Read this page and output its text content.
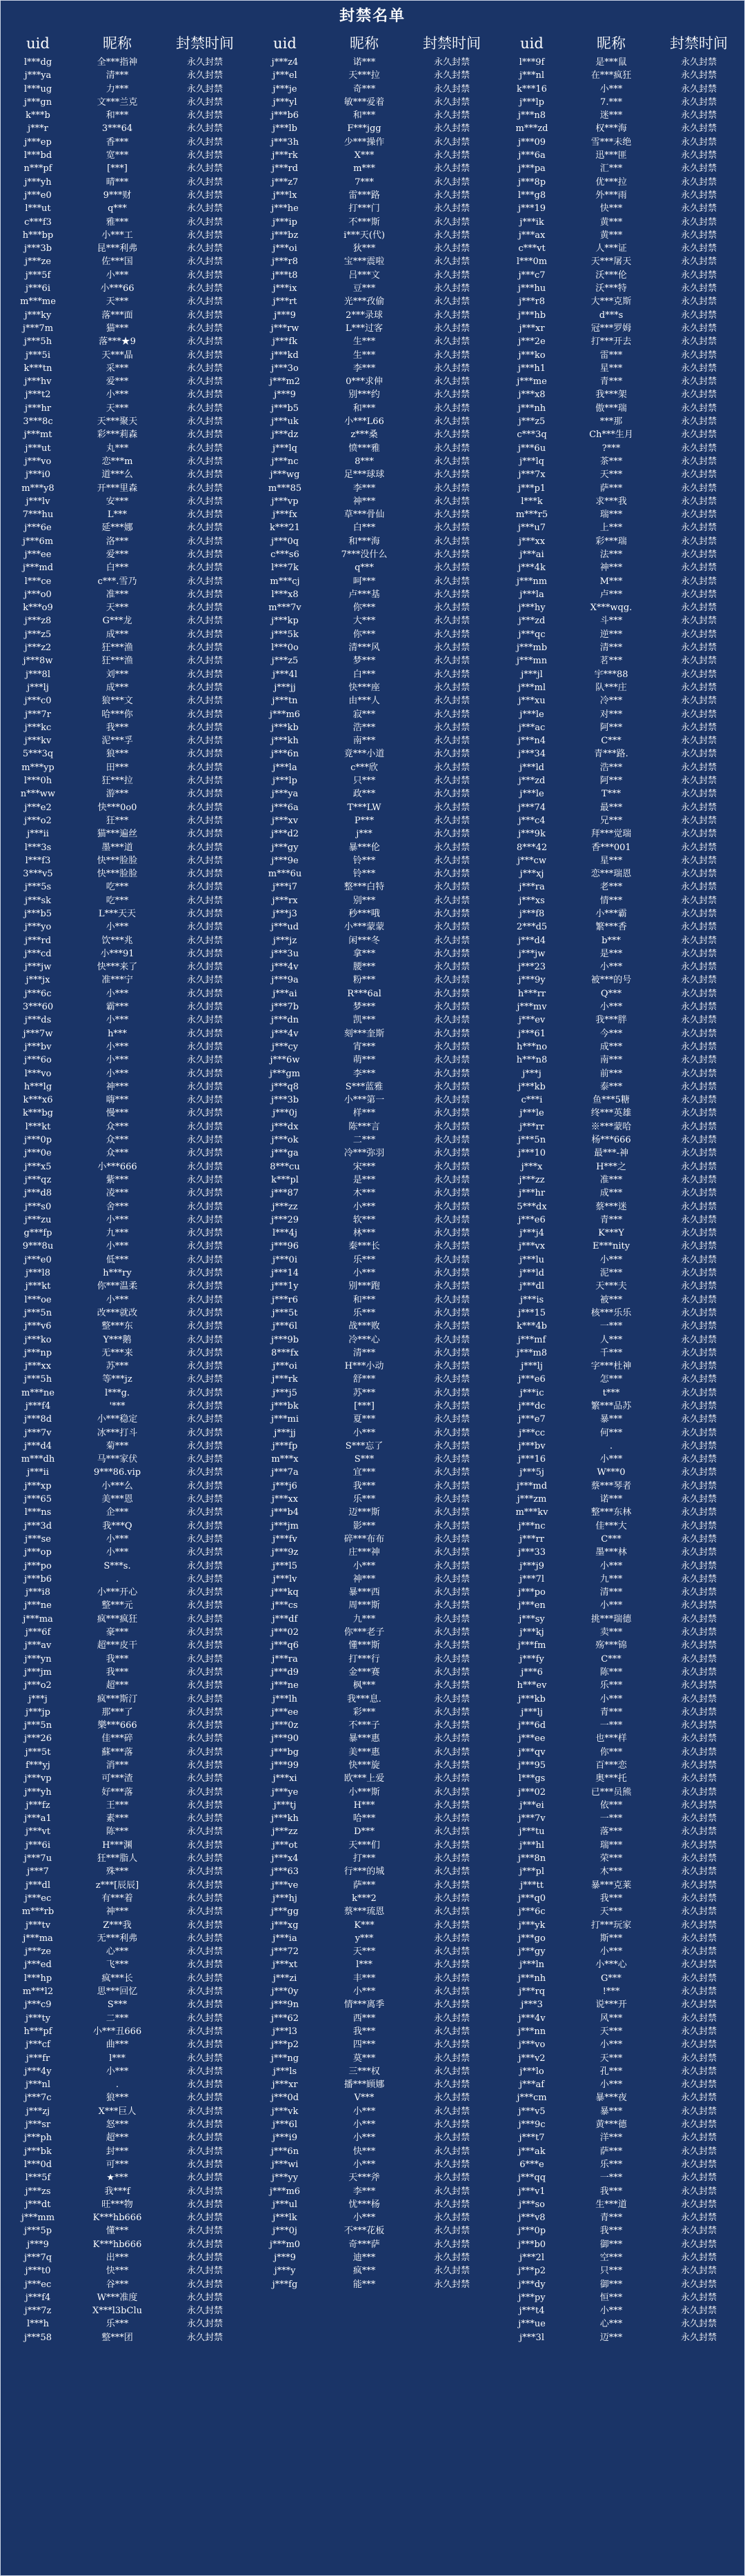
封禁名单
uid	昵称	封禁时间
l***dg	全***指神	永久封禁
j***ya	清***	永久封禁
l***ug	力***	永久封禁
j***gn	文***兰克	永久封禁
k***b	和***	永久封禁
j***r	3***64	永久封禁
j***ep	香***	永久封禁
l***bd	宽***	永久封禁
n***pf	[***]	永久封禁
j***yh	晴***	永久封禁
j***e0	9***财	永久封禁
l***ut	q***	永久封禁
c***f3	雅***	永久封禁
h***bp	小***工	永久封禁
j***3b	昆***利弗	永久封禁
j***ze	佐***国	永久封禁
j***5f	小***	永久封禁
j***6i	小***66	永久封禁
m***me	天***	永久封禁
j***ky	落***面	永久封禁
j***7m	猫***	永久封禁
j***5h	落***★9	永久封禁
j***5i	天***晶	永久封禁
k***tn	采***	永久封禁
j***hv	爱***	永久封禁
j***t2	小***	永久封禁
j***hr	天***	永久封禁
3***8c	天***聚天	永久封禁
j***mt	彩***莉森	永久封禁
j***ut	丸***	永久封禁
j***vo	恋***m	永久封禁
j***i0	道***么	永久封禁
m***y8	开***里森	永久封禁
j***lv	安***	永久封禁
7***hu	L***	永久封禁
j***6e	延***娜	永久封禁
j***6m	洛***	永久封禁
j***ee	爱***	永久封禁
j***md	白***	永久封禁
l***ce	c***.雪乃	永久封禁
j***o0	准***	永久封禁
k***o9	天***	永久封禁
j***z8	G***龙	永久封禁
j***z5	成***	永久封禁
j***z2	狂***渔	永久封禁
j***8w	狂***渔	永久封禁
j***8l	刘***	永久封禁
j***lj	成***	永久封禁
j***c0	狼***文	永久封禁
j***7r	哈***你	永久封禁
j***kc	我***	永久封禁
j***kv	泥***孚	永久封禁
5***3q	狼***	永久封禁
m***yp	田***	永久封禁
l***0h	狂***拉	永久封禁
n***ww	游***	永久封禁
j***e2	快***0o0	永久封禁
j***o2	狂***	永久封禁
j***ii	猫***遍丝	永久封禁
l***3s	墨***道	永久封禁
l***f3	快***脸脸	永久封禁
3***v5	快***脸脸	永久封禁
j***5s	吃***	永久封禁
j***sk	吃***	永久封禁
j***b5	L***天天	永久封禁
j***yo	小***	永久封禁
j***rd	饮***兆	永久封禁
j***cd	小***91	永久封禁
j***jw	快***来了	永久封禁
j***jx	准***宁	永久封禁
j***6c	小***	永久封禁
3***60	霸***	永久封禁
j***ds	小***	永久封禁
j***7w	h***	永久封禁
j***bv	小***	永久封禁
j***6o	小***	永久封禁
l***vo	小***	永久封禁
h***lg	神***	永久封禁
k***x6	嗨***	永久封禁
k***bg	慢***	永久封禁
l***kt	众***	永久封禁
j***0p	众***	永久封禁
j***0e	众***	永久封禁
j***x5	小***666	永久封禁
j***qz	紫***	永久封禁
j***d8	凌***	永久封禁
j***s0	舍***	永久封禁
j***zu	小***	永久封禁
g***fp	九***	永久封禁
9***8u	小***	永久封禁
j***e0	低***	永久封禁
j***l8	h***ry	永久封禁
j***kt	你***温柔	永久封禁
l***oe	小***	永久封禁
j***5n	改***就改	永久封禁
j***v6	整***东	永久封禁
j***ko	Y***鹅	永久封禁
j***np	无***来	永久封禁
j***xx	苏***	永久封禁
j***5h	等***jz	永久封禁
m***ne	l***g.	永久封禁
j***f4	'***	永久封禁
j***8d	小***稳定	永久封禁
j***7v	冰***打斗	永久封禁
j***d4	菊***	永久封禁
m***dh	马***家伏	永久封禁
j***ii	9***86.vip	永久封禁
j***xp	小***么	永久封禁
j***65	美***恩	永久封禁
l***ns	企***	永久封禁
j***3d	我***Q	永久封禁
j***se	小***	永久封禁
j***op	小***	永久封禁
j***po	S***s.	永久封禁
j***b6	.	永久封禁
j***i8	小***开心	永久封禁
j***ne	整***元	永久封禁
j***ma	疯***疯狂	永久封禁
j***6f	豪***	永久封禁
j***av	超***皮干	永久封禁
j***yn	我***	永久封禁
j***jm	我***	永久封禁
j***o2	超***	永久封禁
j***j	疯***斯汀	永久封禁
j***jp	那***了	永久封禁
j***5n	樂***666	永久封禁
j***26	佳***碎	永久封禁
j***5t	蘇***落	永久封禁
f***yj	消***	永久封禁
j***vp	可***渣	永久封禁
j***yh	好***落	永久封禁
j***fz	王***	永久封禁
j***a1	素***	永久封禁
j***vt	陈***	永久封禁
j***6i	H***渊	永久封禁
j***7u	狂***脂人	永久封禁
j***7	殊***	永久封禁
j***dl	z***[辰辰]	永久封禁
j***ec	有***着	永久封禁
m***rb	神***	永久封禁
j***tv	Z***我	永久封禁
j***ma	无***利弗	永久封禁
j***ze	心***	永久封禁
j***ed	飞***	永久封禁
l***hp	疯***长	永久封禁
m***l2	思***回忆	永久封禁
j***c9	S***	永久封禁
j***ty	二***	永久封禁
h***pf	小***丑666	永久封禁
j***cf	曲***	永久封禁
j***fr	l***	永久封禁
j***4y	小***	永久封禁
j***nl	.	永久封禁
j***7c	狼***	永久封禁
j***zj	X***巨人	永久封禁
j***sr	怒***	永久封禁
j***ph	超***	永久封禁
j***bk	封***	永久封禁
l***0d	可***	永久封禁
l***5f	★***	永久封禁
j***zs	我***f	永久封禁
j***dt	旺***物	永久封禁
j***mm	K***hb666	永久封禁
j***5p	懂***	永久封禁
j***9	K***hb666	永久封禁
j***7q	出***	永久封禁
j***t0	快***	永久封禁
j***ec	谷***	永久封禁
j***f4	W***准度	永久封禁
j***7z	X***l3bClu	永久封禁
l***h	乐***	永久封禁
j***58	整***团	永久封禁
uid	昵称	封禁时间
j***z4	诺***	永久封禁
j***el	天***拉	永久封禁
j***je	奇***	永久封禁
j***yl	敏***爱着	永久封禁
j***b6	和***	永久封禁
j***lb	F***jgg	永久封禁
j***3h	少***操作	永久封禁
j***rk	X***	永久封禁
j***rd	m***	永久封禁
j***z7	7***	永久封禁
j***lx	雷***路	永久封禁
j***he	打***门	永久封禁
j***ip	不***斯	永久封禁
j***bz	i***天(代)	永久封禁
j***oi	狄***	永久封禁
j***r8	宝***震啦	永久封禁
j***t8	吕***文	永久封禁
j***ix	豆***	永久封禁
j***rt	光***孜偷	永久封禁
j***9	2***录球	永久封禁
j***rw	L***过客	永久封禁
j***fk	生***	永久封禁
j***kd	生***	永久封禁
j***3o	李***	永久封禁
j***m2	0***求伸	永久封禁
j***9	别***约	永久封禁
j***b5	和***	永久封禁
j***uk	小***L66	永久封禁
j***dz	z***桑	永久封禁
j***lq	愤***雅	永久封禁
j***nc	8***	永久封禁
j***wg	足***球球	永久封禁
m***85	李***	永久封禁
j***vp	神***	永久封禁
j***fx	草***骨仙	永久封禁
k***21	白***	永久封禁
j***0q	和***海	永久封禁
c***s6	7***没什么	永久封禁
l***7k	q***	永久封禁
m***cj	呵***	永久封禁
l***x8	卢***基	永久封禁
m***7v	你***	永久封禁
j***kp	大***	永久封禁
j***5k	你***	永久封禁
l***0o	清***风	永久封禁
j***z5	梦***	永久封禁
j***4l	白***	永久封禁
j***jj	快***座	永久封禁
j***tn	由***人	永久封禁
j***m6	寂***	永久封禁
j***kb	浩***	永久封禁
j***kh	南***	永久封禁
j***6n	竟***小道	永久封禁
j***la	c***欣	永久封禁
j***lp	只***	永久封禁
j***ya	政***	永久封禁
j***6a	T***LW	永久封禁
j***xv	P***	永久封禁
j***d2	j***	永久封禁
j***gy	暴***伦	永久封禁
j***9e	铃***	永久封禁
m***6u	铃***	永久封禁
j***i7	整***白特	永久封禁
j***rx	别***	永久封禁
j***j3	秒***哦	永久封禁
j***ud	小***蒙蒙	永久封禁
j***jz	闲***冬	永久封禁
j***3u	拿***	永久封禁
j***4v	腰***	永久封禁
j***9a	粉***	永久封禁
j***ai	R***6al	永久封禁
j***7b	梦***	永久封禁
j***dn	凯***	永久封禁
j***4v	刻***奎斯	永久封禁
j***cy	宵***	永久封禁
j***6w	萌***	永久封禁
j***gm	李***	永久封禁
j***q8	S***蓝雅	永久封禁
j***3b	小***第一	永久封禁
j***0j	样***	永久封禁
j***dx	陈***言	永久封禁
j***ok	二***	永久封禁
j***ga	冷***弥羽	永久封禁
8***cu	宋***	永久封禁
k***pl	是***	永久封禁
j***87	木***	永久封禁
j***zz	小***	永久封禁
j***29	软***	永久封禁
l***4j	林***	永久封禁
j***96	秦***长	永久封禁
j***0i	乐***	永久封禁
j***14	小***	永久封禁
j***1y	别***跑	永久封禁
j***r6	和***	永久封禁
j***5t	乐***	永久封禁
j***6l	战***败	永久封禁
j***9b	冷***心	永久封禁
8***fx	清***	永久封禁
j***oi	H***小动	永久封禁
j***rk	舒***	永久封禁
j***j5	苏***	永久封禁
j***bk	[***]	永久封禁
j***mi	夏***	永久封禁
j***jj	小***	永久封禁
j***fp	S***忘了	永久封禁
m***x	S***	永久封禁
j***7a	宜***	永久封禁
j***j6	我***	永久封禁
j***xx	乐***	永久封禁
j***b4	迈***斯	永久封禁
j***jm	影***	永久封禁
j***fv	碎***布布	永久封禁
j***9z	庄***神	永久封禁
j***l5	小***	永久封禁
j***lv	神***	永久封禁
j***kq	暴***西	永久封禁
j***cs	周***斯	永久封禁
j***df	九***	永久封禁
j***02	你***老子	永久封禁
j***q6	懂***斯	永久封禁
j***ra	打***行	永久封禁
j***d9	金***赛	永久封禁
j***ne	枫***	永久封禁
j***lh	我***息.	永久封禁
j***ee	彩***	永久封禁
j***0z	不***子	永久封禁
j***90	暴***惠	永久封禁
j***bg	美***惠	永久封禁
j***99	快***旋	永久封禁
j***xi	欧***上爱	永久封禁
j***ye	小***斯	永久封禁
j***tj	H***	永久封禁
j***kh	哈***	永久封禁
j***zz	D***	永久封禁
j***ot	天***们	永久封禁
j***x4	打***	永久封禁
j***63	行***的城	永久封禁
j***ve	萨***	永久封禁
j***hj	k***2	永久封禁
j***gg	蔡***琉恩	永久封禁
j***xg	K***	永久封禁
j***ia	y***	永久封禁
j***72	天***	永久封禁
j***xt	l***	永久封禁
j***zi	丰***	永久封禁
j***0y	小***	永久封禁
j***9n	情***离季	永久封禁
j***62	西***	永久封禁
j***l3	我***	永久封禁
j***p2	四***	永久封禁
j***ng	莫***	永久封禁
j***ls	三***权	永久封禁
j***xr	播***顾娜	永久封禁
j***0d	V***	永久封禁
j***vk	小***	永久封禁
j***6l	小***	永久封禁
j***i9	小***	永久封禁
j***6n	快***	永久封禁
j***wi	小***	永久封禁
j***yy	天***斧	永久封禁
j***m6	李***	永久封禁
j***ul	忧***杨	永久封禁
j***lk	小***	永久封禁
j***0j	不***花板	永久封禁
j***m0	奇***萨	永久封禁
j***9	迪***	永久封禁
j***y	疯***	永久封禁
j***fg	能***	永久封禁
uid	昵称	封禁时间
l***9f	是***鼠	永久封禁
j***nl	在***疯狂	永久封禁
k***16	小***	永久封禁
j***lp	7.***	永久封禁
j***n8	迷***	永久封禁
m***zd	权***海	永久封禁
j***09	雪***未绝	永久封禁
j***6a	迅***匪	永久封禁
j***pa	汇***	永久封禁
j***8p	优***拉	永久封禁
l***g8	外***雨	永久封禁
j***19	快***	永久封禁
j***ik	黄***	永久封禁
j***ax	黄***	永久封禁
c***vt	人***证	永久封禁
l***0m	天***屠天	永久封禁
j***c7	沃***伦	永久封禁
j***hu	沃***特	永久封禁
j***r8	大***克斯	永久封禁
j***hb	d***s	永久封禁
j***xr	冠***罗姆	永久封禁
j***2e	打***开去	永久封禁
j***ko	雷***	永久封禁
j***h1	星***	永久封禁
j***me	青***	永久封禁
j***x8	我***架	永久封禁
j***nh	傲***瑞	永久封禁
j***z5	***那	永久封禁
c***3q	Ch***生月	永久封禁
j***6u	?***	永久封禁
j***lq	茶***	永久封禁
j***7x	天***	永久封禁
j***p1	萨***	永久封禁
l***k	求***我	永久封禁
m***r5	瑞***	永久封禁
j***u7	上***	永久封禁
j***xx	彩***瑞	永久封禁
j***ai	法***	永久封禁
j***4k	神***	永久封禁
j***nm	M***	永久封禁
j***la	卢***	永久封禁
j***hy	X***wqg.	永久封禁
j***zd	斗***	永久封禁
j***qc	逆***	永久封禁
j***mb	清***	永久封禁
j***mn	茗***	永久封禁
j***jl	宇***88	永久封禁
j***ml	队***庄	永久封禁
j***xu	冷***	永久封禁
j***le	对***	永久封禁
j***ac	阿***	永久封禁
j***n4	C***	永久封禁
j***34	青***路.	永久封禁
j***ld	浩***	永久封禁
j***zd	阿***	永久封禁
j***le	T***	永久封禁
j***74	最***	永久封禁
j***c4	兄***	永久封禁
j***9k	拜***觉瑞	永久封禁
8***42	香***001	永久封禁
j***cw	星***	永久封禁
j***xj	恋***瑞恩	永久封禁
j***ra	老***	永久封禁
j***xs	情***	永久封禁
j***f8	小***霸	永久封禁
2***d5	繁***香	永久封禁
j***d4	b***	永久封禁
j***jw	是***	永久封禁
j***23	小***	永久封禁
j***9y	被***的号	永久封禁
h***rr	Q***	永久封禁
j***mv	小***	永久封禁
j***ev	我***胖	永久封禁
j***61	今***	永久封禁
h***no	成***	永久封禁
h***n8	南***	永久封禁
j***j	前***	永久封禁
j***kb	泰***	永久封禁
c***i	鱼***5糖	永久封禁
j***le	终***英雄	永久封禁
j***rr	※***蒙哈	永久封禁
j***5n	杨***666	永久封禁
j***10	最***-神	永久封禁
j***x	H***之	永久封禁
j***zz	准***	永久封禁
j***hr	成***	永久封禁
5***dx	蔡***迷	永久封禁
j***e6	青***	永久封禁
j***j4	K***Y	永久封禁
j***vx	E***nity	永久封禁
j***lu	小***	永久封禁
j***ld	泥***	永久封禁
j***dl	天***夫	永久封禁
j***is	被***	永久封禁
j***15	核***乐乐	永久封禁
k***4b	一***	永久封禁
j***mf	人***	永久封禁
j***m8	千***	永久封禁
j***lj	字***杜神	永久封禁
j***e6	怎***	永久封禁
j***ic	t***	永久封禁
j***dc	繁***品苏	永久封禁
j***e7	暴***	永久封禁
j***cc	何***	永久封禁
j***bv	.	永久封禁
j***16	小***	永久封禁
j***5j	W***0	永久封禁
j***md	蔡***琴者	永久封禁
j***zm	诺***	永久封禁
m***kv	整***东林	永久封禁
j***nc	佳***大	永久封禁
j***rr	C***	永久封禁
j***33	墨***林	永久封禁
j***j9	小***	永久封禁
j***7l	九***	永久封禁
j***po	清***	永久封禁
j***en	小***	永久封禁
j***sy	挑***瑞德	永久封禁
j***kj	卖***	永久封禁
j***fm	殇***锦	永久封禁
j***fy	C***	永久封禁
j***6	陈***	永久封禁
h***ev	乐***	永久封禁
j***kb	小***	永久封禁
j***lj	青***	永久封禁
j***6d	一***	永久封禁
j***ee	也***样	永久封禁
j***qv	你***	永久封禁
j***95	百***恋	永久封禁
l***gs	奥***托	永久封禁
j***02	已***员熊	永久封禁
j***ei	依***	永久封禁
j***7v	一***	永久封禁
j***tu	落***	永久封禁
j***hl	瑞***	永久封禁
j***8n	荣***	永久封禁
j***pl	木***	永久封禁
j***tt	暴***克莱	永久封禁
j***q0	我***	永久封禁
j***6c	天***	永久封禁
j***yk	打***玩家	永久封禁
j***go	斯***	永久封禁
j***gy	小***	永久封禁
j***ln	小***心	永久封禁
j***nh	G***	永久封禁
j***rq	!***	永久封禁
j***3	说***开	永久封禁
j***4v	风***	永久封禁
j***nn	天***	永久封禁
j***vo	小***	永久封禁
j***v2	天***	永久封禁
j***lo	孔***	永久封禁
j***af	小***	永久封禁
j***cm	暴***夜	永久封禁
j***v5	暴***	永久封禁
j***9c	黄***德	永久封禁
j***t7	洋***	永久封禁
j***ak	萨***	永久封禁
6***e	乐***	永久封禁
j***qq	一***	永久封禁
j***v1	我***	永久封禁
j***so	生***道	永久封禁
j***v8	青***	永久封禁
j***0p	我***	永久封禁
j***b0	御***	永久封禁
j***2l	空***	永久封禁
j***p2	只***	永久封禁
j***dy	御***	永久封禁
j***py	恒***	永久封禁
j***t4	小***	永久封禁
j***ue	心***	永久封禁
j***3l	迈***	永久封禁
